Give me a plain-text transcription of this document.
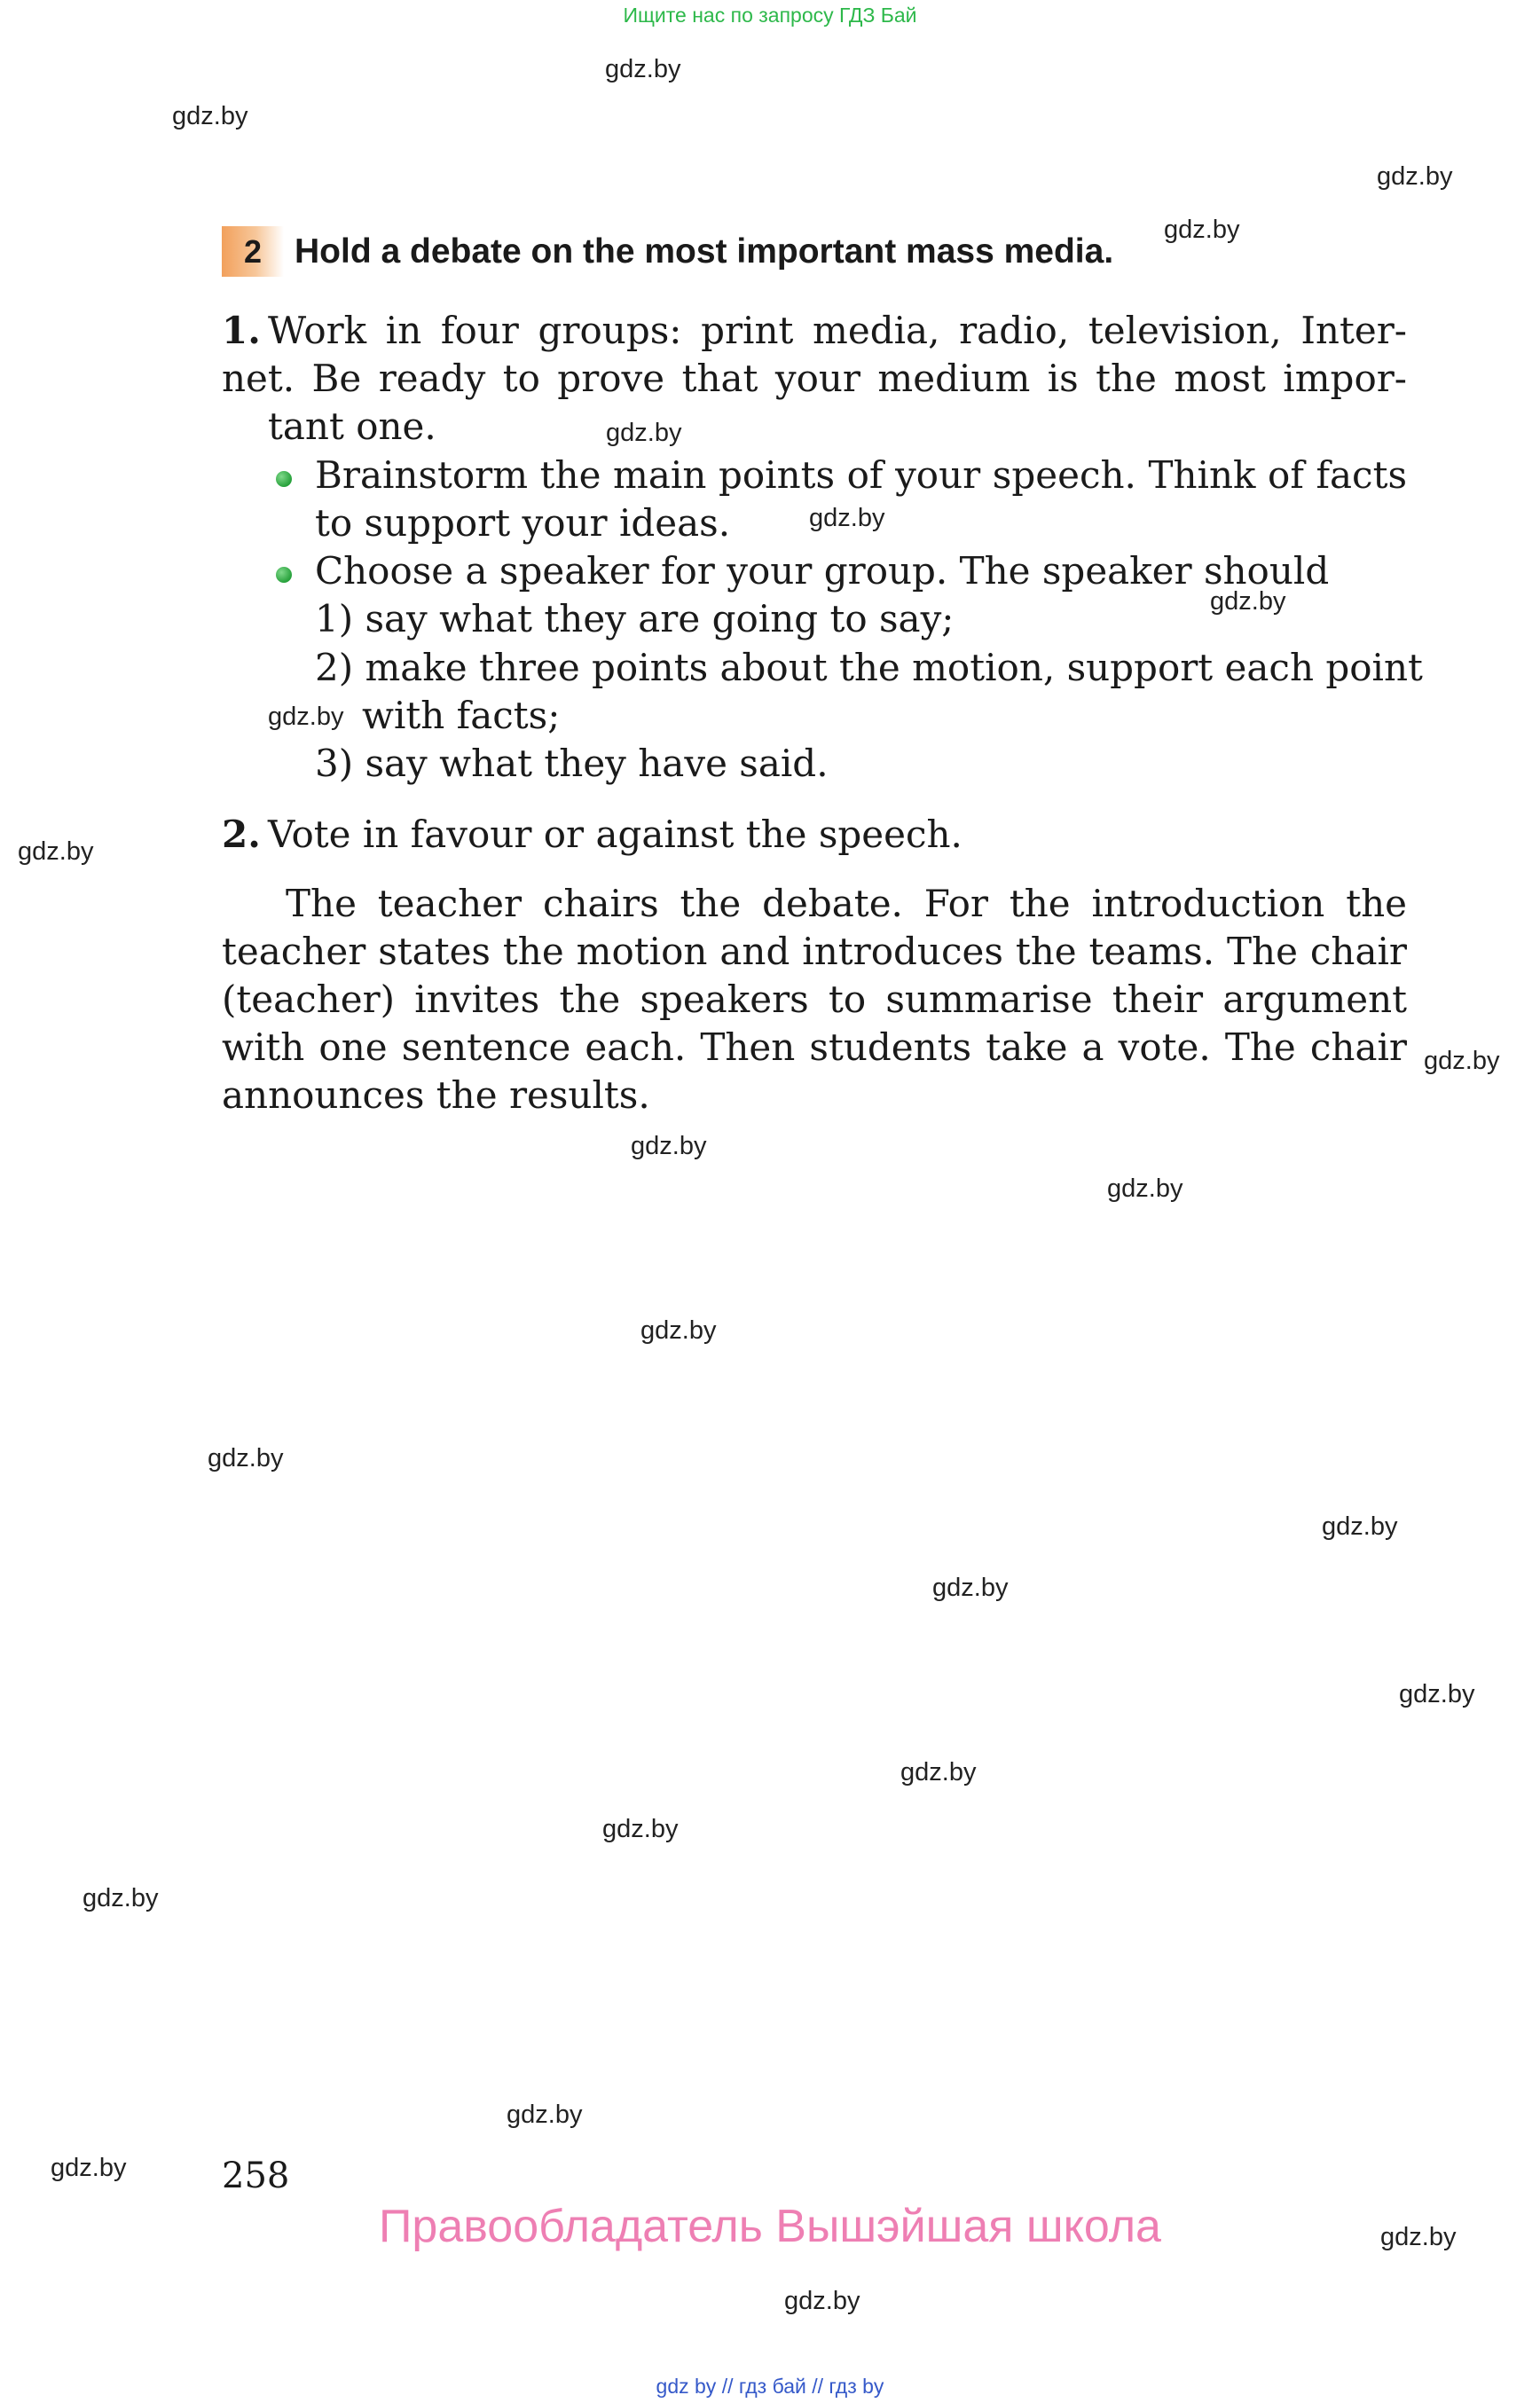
Ищите нас по запросу ГДЗ Бай
gdz.by
gdz.by
gdz.by
gdz.by
gdz.by
gdz.by
gdz.by
gdz.by
gdz.by
gdz.by
gdz.by
gdz.by
gdz.by
gdz.by
gdz.by
gdz.by
gdz.by
gdz.by
gdz.by
gdz.by
gdz.by
gdz.by
gdz.by
gdz.by
2 Hold a debate on the most important mass media.
1. Work in four groups: print media, radio, television, Inter-
net. Be ready to prove that your medium is the most impor-
tant one.
Brainstorm the main points of your speech. Think of facts
to support your ideas.
Choose a speaker for your group. The speaker should
1) say what they are going to say;
2) make three points about the motion, support each point
with facts;
3) say what they have said.
2. Vote in favour or against the speech.
The teacher chairs the debate. For the introduction the
teacher states the motion and introduces the teams. The chair
(teacher) invites the speakers to summarise their argument
with one sentence each. Then students take a vote. The chair
announces the results.
258
Правообладатель Вышэйшая школа
gdz by // гдз бай // гдз by
